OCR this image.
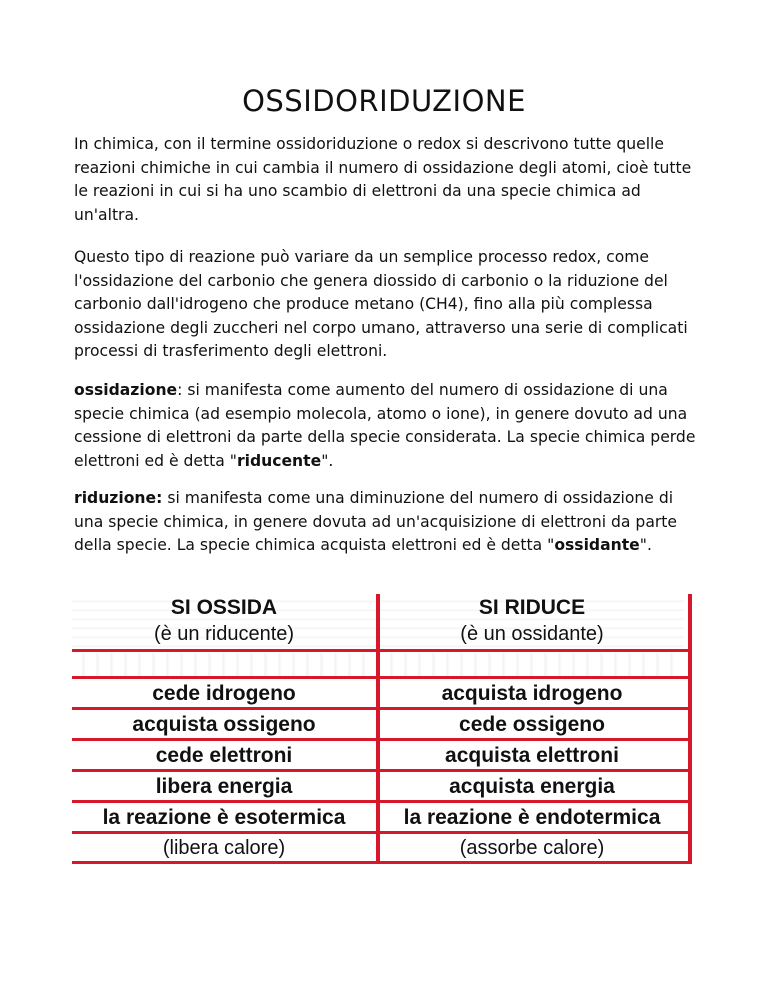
OSSIDORIDUZIONE

In chimica, con il termine ossidoriduzione o redox si descrivono tutte quelle reazioni chimiche in cui cambia il numero di ossidazione degli atomi, cioè tutte le reazioni in cui si ha uno scambio di elettroni da una specie chimica ad un'altra.

Questo tipo di reazione può variare da un semplice processo redox, come l'ossidazione del carbonio che genera diossido di carbonio o la riduzione del carbonio dall'idrogeno che produce metano (CH4), fino alla più complessa ossidazione degli zuccheri nel corpo umano, attraverso una serie di complicati processi di trasferimento degli elettroni.

ossidazione: si manifesta come aumento del numero di ossidazione di una specie chimica (ad esempio molecola, atomo o ione), in genere dovuto ad una cessione di elettroni da parte della specie considerata. La specie chimica perde elettroni ed è detta "riducente".

riduzione: si manifesta come una diminuzione del numero di ossidazione di una specie chimica, in genere dovuta ad un'acquisizione di elettroni da parte della specie. La specie chimica acquista elettroni ed è detta "ossidante".

SI OSSIDA
(è un riducente)
cede idrogeno
acquista ossigeno
cede elettroni
libera energia
la reazione è esotermica
(libera calore)
SI RIDUCE
(è un ossidante)
acquista idrogeno
cede ossigeno
acquista elettroni
acquista energia
la reazione è endotermica
(assorbe calore)
